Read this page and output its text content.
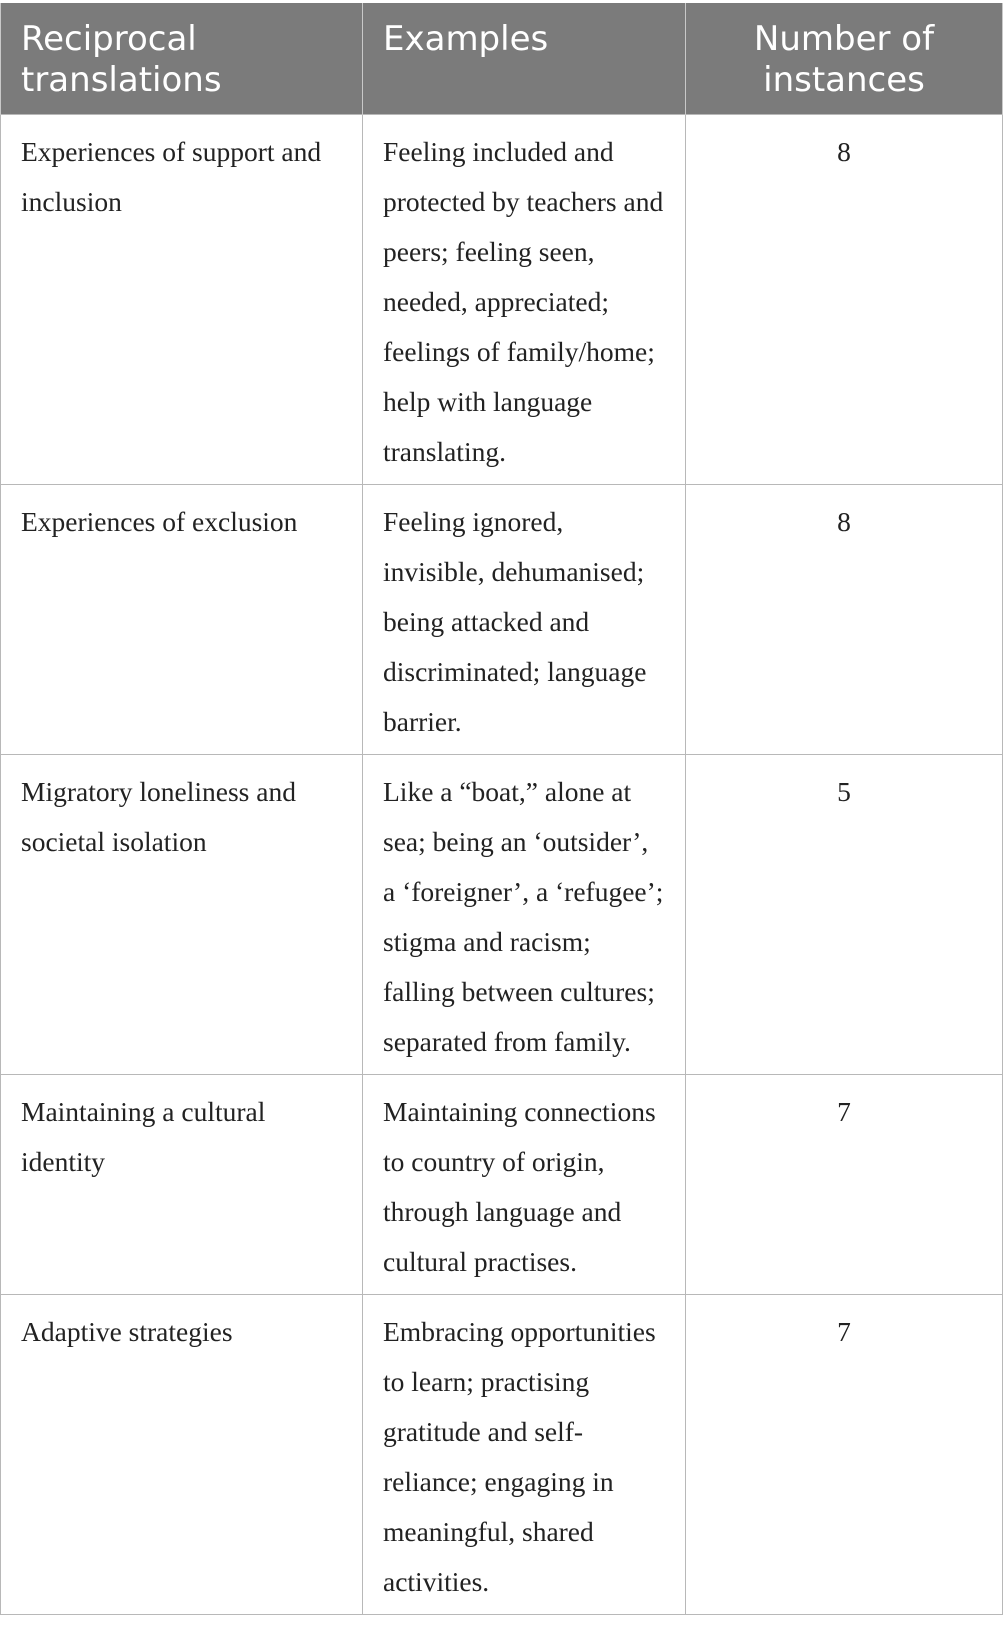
Reciprocal translations	Examples	Number of instances
Experiences of support and inclusion	Feeling included and protected by teachers and peers; feeling seen, needed, appreciated; feelings of family/home; help with language translating.	8
Experiences of exclusion	Feeling ignored, invisible, dehumanised; being attacked and discriminated; language barrier.	8
Migratory loneliness and societal isolation	Like a “boat,” alone at sea; being an ‘outsider’, a ‘foreigner’, a ‘refugee’; stigma and racism; falling between cultures; separated from family.	5
Maintaining a cultural identity	Maintaining connections to country of origin, through language and cultural practises.	7
Adaptive strategies	Embracing opportunities to learn; practising gratitude and self-reliance; engaging in meaningful, shared activities.	7
